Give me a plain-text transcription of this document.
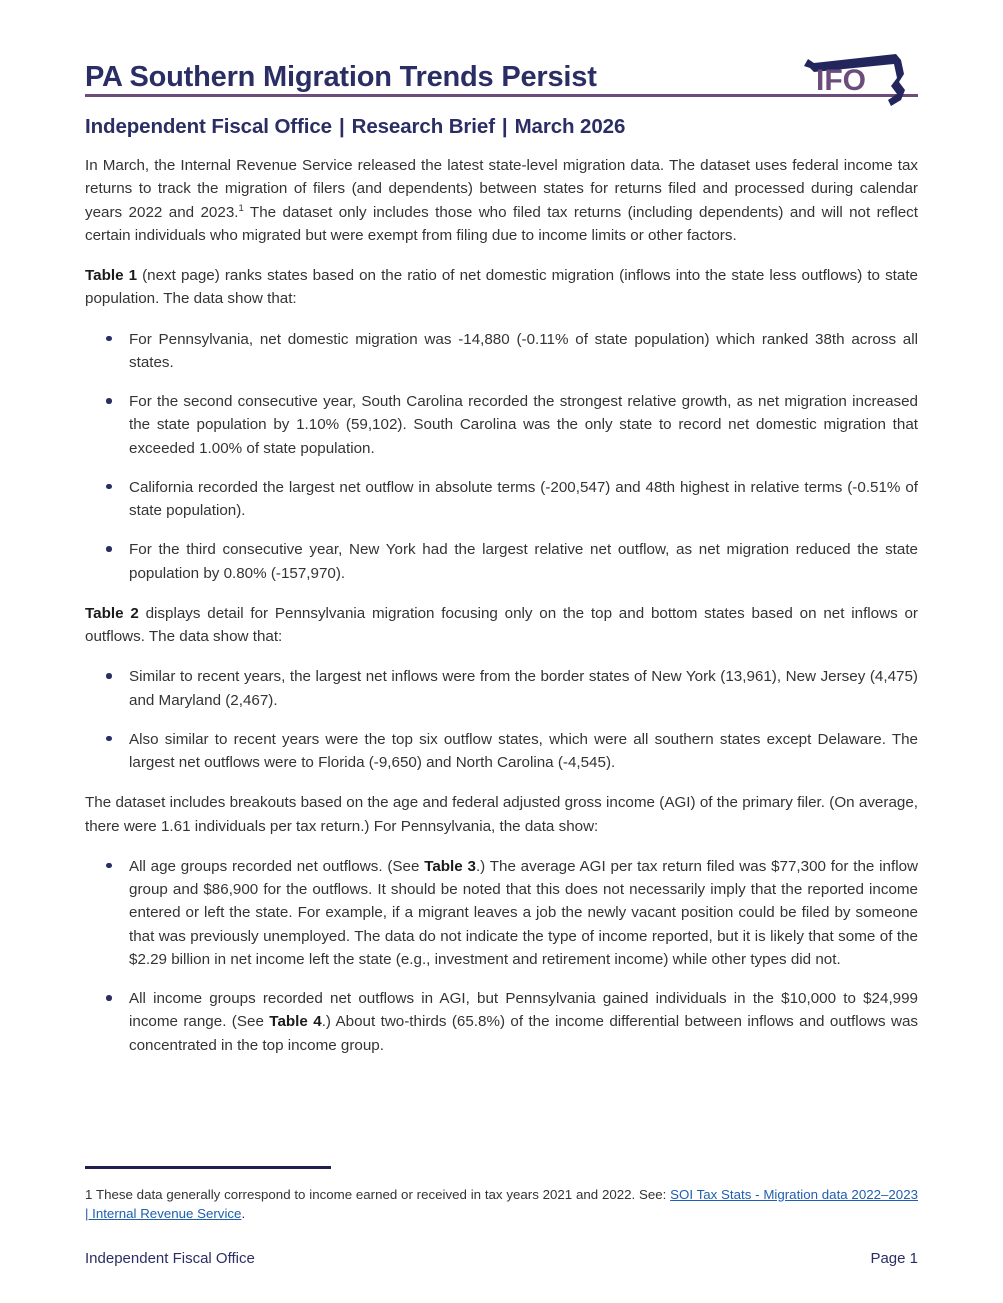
PA Southern Migration Trends Persist	IFO
Independent Fiscal Office | Research Brief | March 2026

In March, the Internal Revenue Service released the latest state-level migration data. The dataset uses federal income tax returns to track the migration of filers (and dependents) between states for returns filed and processed during calendar years 2022 and 2023.$^1$ The dataset only includes those who filed tax returns (including dependents) and will not reflect certain individuals who migrated but were exempt from filing due to income limits or other factors.

Table 1 (next page) ranks states based on the ratio of net domestic migration (inflows into the state less outflows) to state population. The data show that:

For Pennsylvania, net domestic migration was -14,880 (-0.11% of state population) which ranked 38th across all states.
For the second consecutive year, South Carolina recorded the strongest relative growth, as net migration increased the state population by 1.10% (59,102). South Carolina was the only state to record net domestic migration that exceeded 1.00% of state population.
California recorded the largest net outflow in absolute terms (-200,547) and 48th highest in relative terms (-0.51% of state population).
For the third consecutive year, New York had the largest relative net outflow, as net migration reduced the state population by 0.80% (-157,970).

Table 2 displays detail for Pennsylvania migration focusing only on the top and bottom states based on net inflows or outflows. The data show that:

Similar to recent years, the largest net inflows were from the border states of New York (13,961), New Jersey (4,475) and Maryland (2,467).
Also similar to recent years were the top six outflow states, which were all southern states except Delaware. The largest net outflows were to Florida (-9,650) and North Carolina (-4,545).

The dataset includes breakouts based on the age and federal adjusted gross income (AGI) of the primary filer. (On average, there were 1.61 individuals per tax return.) For Pennsylvania, the data show:

All age groups recorded net outflows. (See Table 3.) The average AGI per tax return filed was $77,300 for the inflow group and $86,900 for the outflows. It should be noted that this does not necessarily imply that the reported income entered or left the state. For example, if a migrant leaves a job the newly vacant position could be filed by someone that was previously unemployed. The data do not indicate the type of income reported, but it is likely that some of the $2.29 billion in net income left the state (e.g., investment and retirement income) while other types did not.
All income groups recorded net outflows in AGI, but Pennsylvania gained individuals in the $10,000 to $24,999 income range. (See Table 4.) About two-thirds (65.8%) of the income differential between inflows and outflows was concentrated in the top income group.
1 These data generally correspond to income earned or received in tax years 2021 and 2022. See: SOI Tax Stats - Migration data 2022–2023 | Internal Revenue Service.
Independent Fiscal Office	Page 1
